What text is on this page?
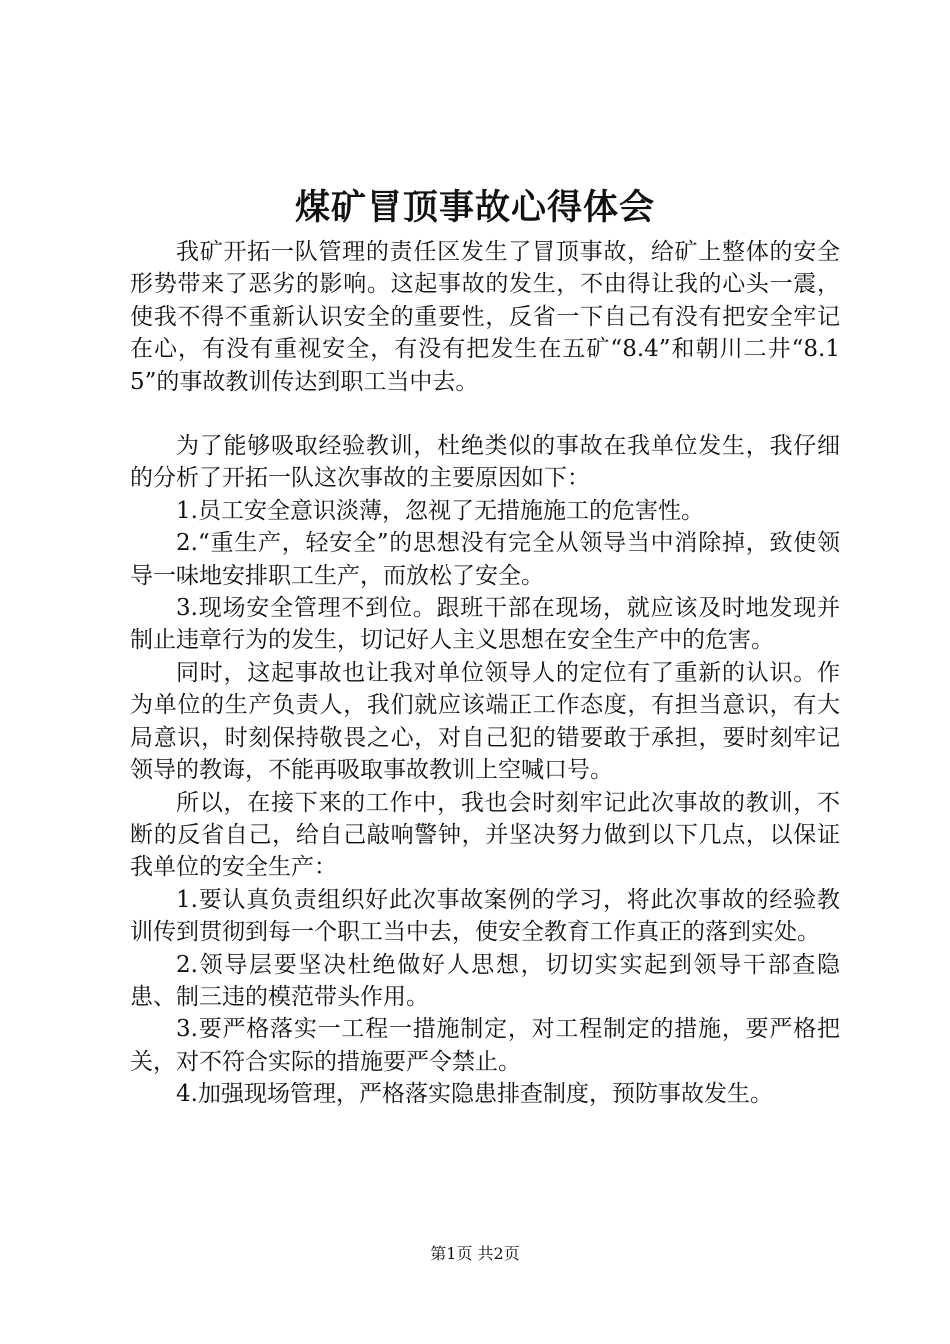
煤矿冒顶事故心得体会

我矿开拓一队管理的责任区发生了冒顶事故，给矿上整体的安全形势带来了恶劣的影响。这起事故的发生，不由得让我的心头一震，使我不得不重新认识安全的重要性，反省一下自己有没有把安全牢记在心，有没有重视安全，有没有把发生在五矿“8.4”和朝川二井“8.15”的事故教训传达到职工当中去。

为了能够吸取经验教训，杜绝类似的事故在我单位发生，我仔细的分析了开拓一队这次事故的主要原因如下：

1.员工安全意识淡薄，忽视了无措施施工的危害性。

2.“重生产，轻安全”的思想没有完全从领导当中消除掉，致使领导一味地安排职工生产，而放松了安全。

3.现场安全管理不到位。跟班干部在现场，就应该及时地发现并制止违章行为的发生，切记好人主义思想在安全生产中的危害。

同时，这起事故也让我对单位领导人的定位有了重新的认识。作为单位的生产负责人，我们就应该端正工作态度，有担当意识，有大局意识，时刻保持敬畏之心，对自己犯的错要敢于承担，要时刻牢记领导的教诲，不能再吸取事故教训上空喊口号。

所以，在接下来的工作中，我也会时刻牢记此次事故的教训，不断的反省自己，给自己敲响警钟，并坚决努力做到以下几点，以保证我单位的安全生产：

1.要认真负责组织好此次事故案例的学习，将此次事故的经验教训传到贯彻到每一个职工当中去，使安全教育工作真正的落到实处。

2.领导层要坚决杜绝做好人思想，切切实实起到领导干部查隐患、制三违的模范带头作用。

3.要严格落实一工程一措施制定，对工程制定的措施，要严格把关，对不符合实际的措施要严令禁止。

4.加强现场管理，严格落实隐患排查制度，预防事故发生。

第1页 共2页
